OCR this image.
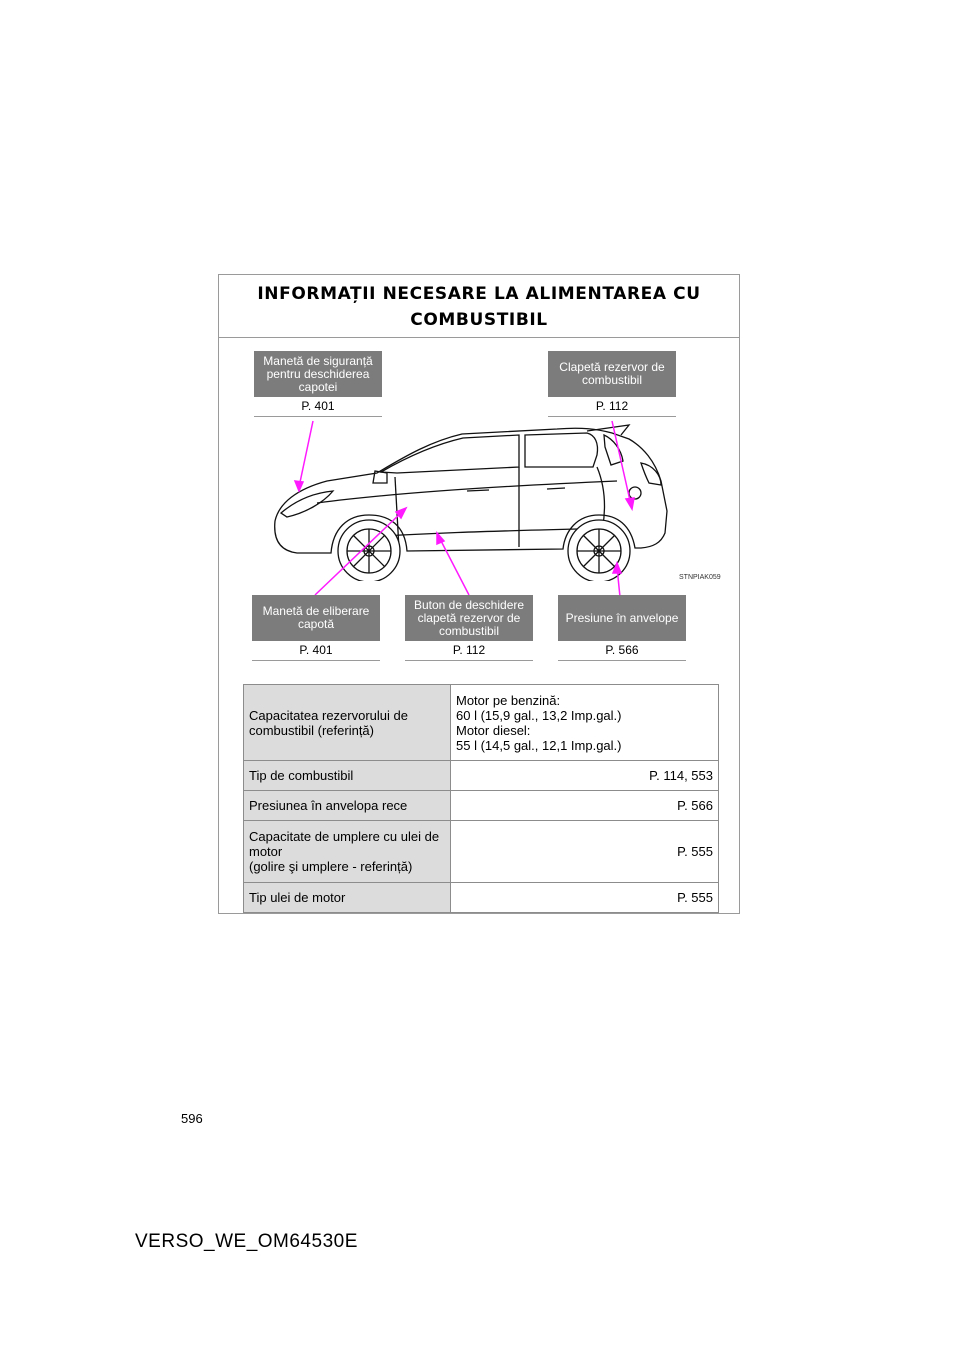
INFORMAȚII NECESARE LA ALIMENTAREA CU COMBUSTIBIL
Manetă de siguranță pentru deschiderea capotei
P. 401
Clapetă rezervor de combustibil
P. 112
STNPIAK059
Manetă de eliberare capotă
P. 401
Buton de deschidere clapetă rezervor de combustibil
P. 112
Presiune în anvelope
P. 566
Capacitatea rezervorului de combustibil (referință)	Motor pe benzină:
60 l (15,9 gal., 13,2 Imp.gal.)
Motor diesel:
55 l (14,5 gal., 12,1 Imp.gal.)

Tip de combustibil	P. 114, 553
Presiunea în anvelopa rece	P. 566

Capacitate de umplere cu ulei de motor
(golire şi umplere - referință)	P. 555
Tip ulei de motor	P. 555
596
VERSO_WE_OM64530E
